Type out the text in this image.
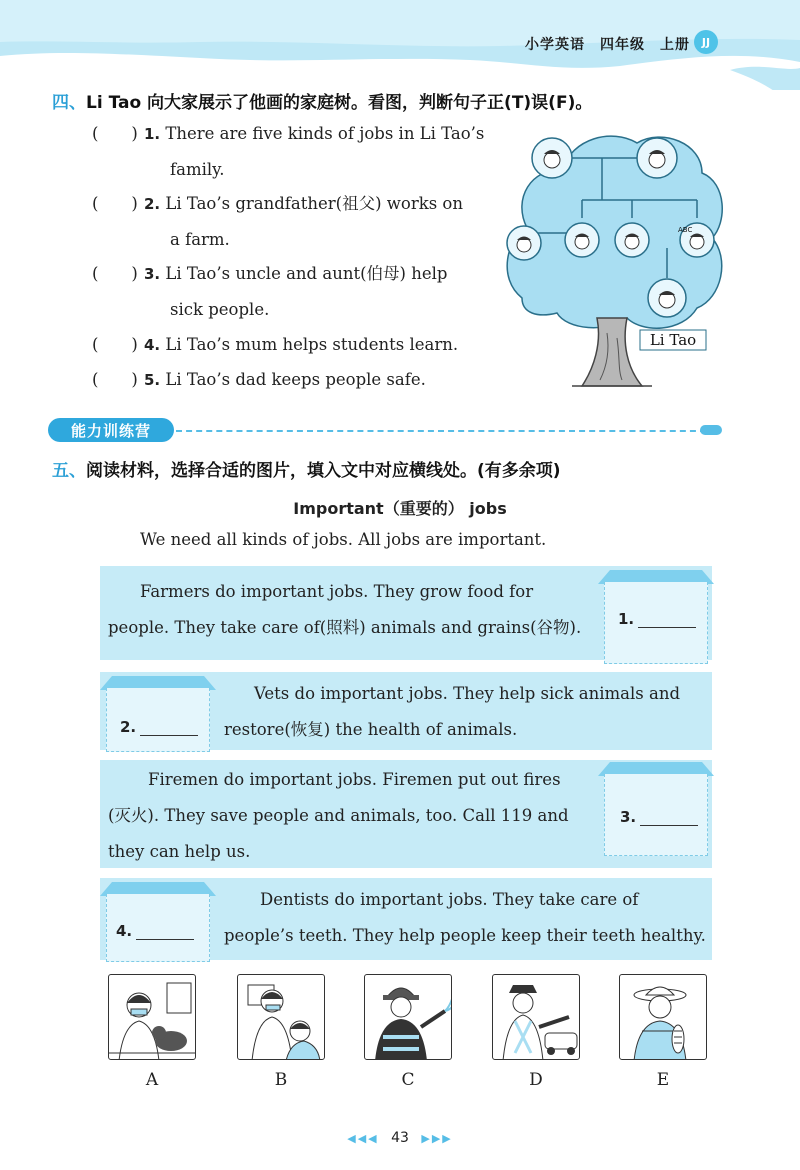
小学英语　四年级　上册	JJ
四、Li Tao 向大家展示了他画的家庭树。看图，判断句子正(T)误(F)。
(　　) 1. There are five kinds of jobs in Li Tao’s
family.
(　　) 2. Li Tao’s grandfather(祖父) works on
a farm.
(　　) 3. Li Tao’s uncle and aunt(伯母) help
sick people.
(　　) 4. Li Tao’s mum helps students learn.
(　　) 5. Li Tao’s dad keeps people safe.
ABC
Li Tao
能力训练营
五、阅读材料，选择合适的图片，填入文中对应横线处。(有多余项)
Important（重要的） jobs
We need all kinds of jobs. All jobs are important.
Farmers do important jobs. They grow food for
people. They take care of(照料) animals and grains(谷物). 1.
Vets do important jobs. They help sick animals and
restore(恢复) the health of animals.
2.
Firemen do important jobs. Firemen put out fires
(灭火). They save people and animals, too. Call 119 and
they can help us.
3.
Dentists do important jobs. They take care of
people’s teeth. They help people keep their teeth healthy.
4.
A	B	C	D	E
◀◀◀ 43 ▶▶▶
